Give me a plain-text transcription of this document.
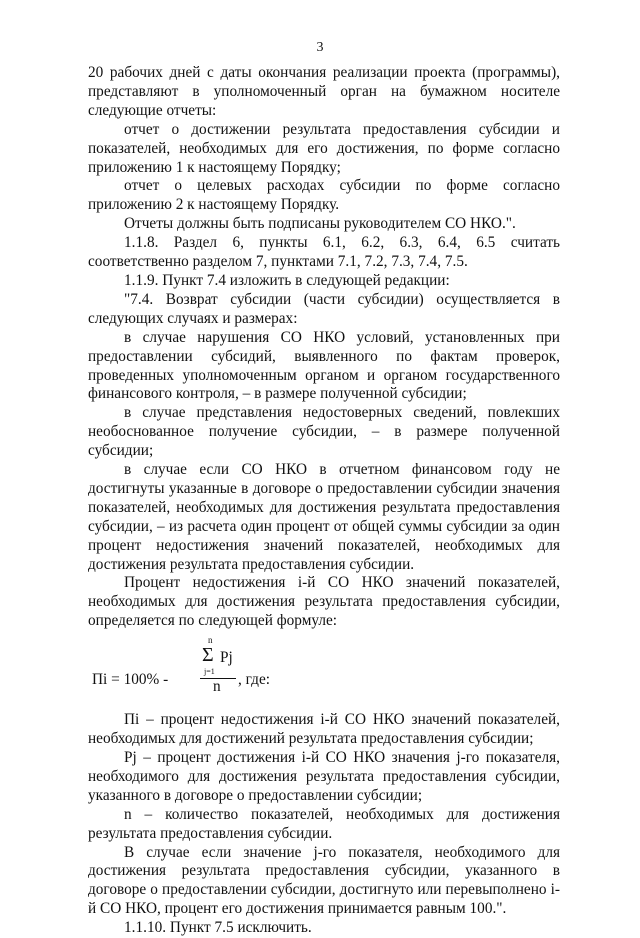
3

20 рабочих дней с даты окончания реализации проекта (программы), представляют в уполномоченный орган на бумажном носителе следующие отчеты:

отчет о достижении результата предоставления субсидии и показателей, необходимых для его достижения, по форме согласно приложению 1 к настоящему Порядку;

отчет о целевых расходах субсидии по форме согласно приложению 2 к настоящему Порядку.

Отчеты должны быть подписаны руководителем СО НКО.".

1.1.8. Раздел 6, пункты 6.1, 6.2, 6.3, 6.4, 6.5 считать соответственно разделом 7, пунктами 7.1, 7.2, 7.3, 7.4, 7.5.

1.1.9. Пункт 7.4 изложить в следующей редакции:

"7.4. Возврат субсидии (части субсидии) осуществляется в следующих случаях и размерах:

в случае нарушения СО НКО условий, установленных при предоставлении субсидий, выявленного по фактам проверок, проведенных уполномоченным органом и органом государственного финансового контроля, – в размере полученной субсидии;

в случае представления недостоверных сведений, повлекших необоснованное получение субсидии, – в размере полученной субсидии;

в случае если СО НКО в отчетном финансовом году не достигнуты указанные в договоре о предоставлении субсидии значения показателей, необходимых для достижения результата предоставления субсидии, – из расчета один процент от общей суммы субсидии за один процент недостижения значений показателей, необходимых для достижения результата предоставления субсидии.

Процент недостижения i-й СО НКО значений показателей, необходимых для достижения результата предоставления субсидии, определяется по следующей формуле:

Пi = 100% -
n
Σ Pj
j=1
n , где:

Пi – процент недостижения i-й СО НКО значений показателей, необходимых для достижений результата предоставления субсидии;

Pj – процент достижения i-й СО НКО значения j-го показателя, необходимого для достижения результата предоставления субсидии, указанного в договоре о предоставлении субсидии;

n – количество показателей, необходимых для достижения результата предоставления субсидии.

В случае если значение j-го показателя, необходимого для достижения результата предоставления субсидии, указанного в договоре о предоставлении субсидии, достигнуто или перевыполнено i-й СО НКО, процент его достижения принимается равным 100.".

1.1.10. Пункт 7.5 исключить.
